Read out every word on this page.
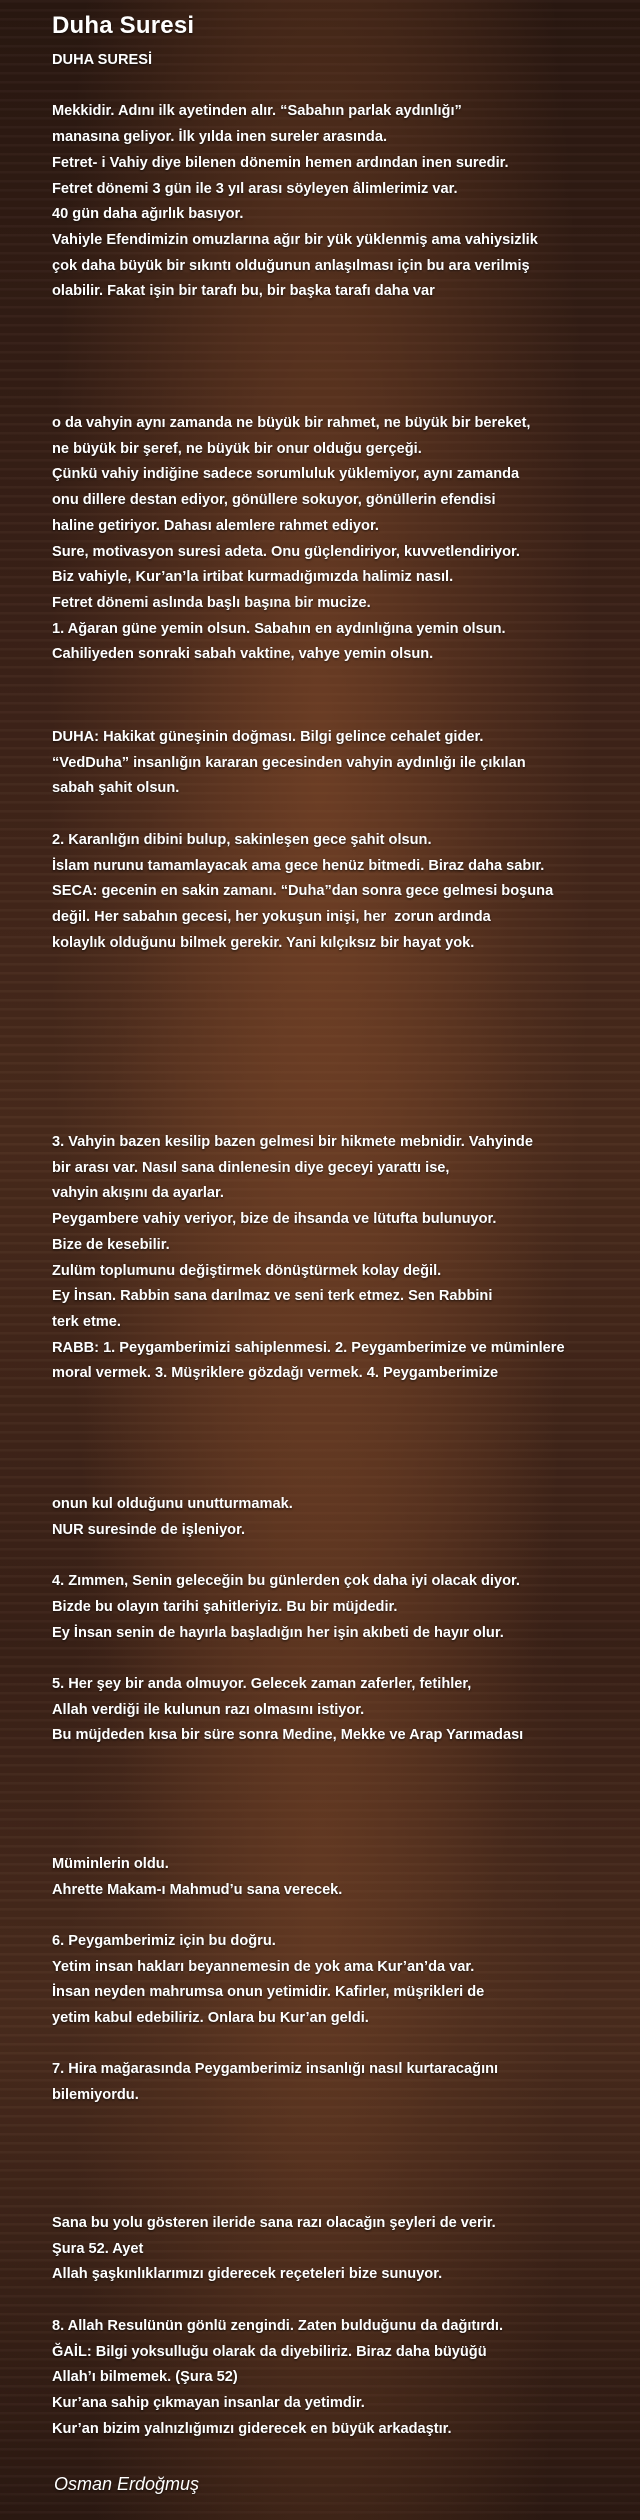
Duha Suresi
DUHA SURESİ

Mekkidir. Adını ilk ayetinden alır. “Sabahın parlak aydınlığı”
manasına geliyor. İlk yılda inen sureler arasında.
Fetret- i Vahiy diye bilenen dönemin hemen ardından inen suredir.
Fetret dönemi 3 gün ile 3 yıl arası söyleyen âlimlerimiz var.
40 gün daha ağırlık basıyor.
Vahiyle Efendimizin omuzlarına ağır bir yük yüklenmiş ama vahiysizlik
çok daha büyük bir sıkıntı olduğunun anlaşılması için bu ara verilmiş
olabilir. Fakat işin bir tarafı bu, bir başka tarafı daha var
o da vahyin aynı zamanda ne büyük bir rahmet, ne büyük bir bereket,
ne büyük bir şeref, ne büyük bir onur olduğu gerçeği.
Çünkü vahiy indiğine sadece sorumluluk yüklemiyor, aynı zamanda
onu dillere destan ediyor, gönüllere sokuyor, gönüllerin efendisi
haline getiriyor. Dahası alemlere rahmet ediyor.
Sure, motivasyon suresi adeta. Onu güçlendiriyor, kuvvetlendiriyor.
Biz vahiyle, Kur’an’la irtibat kurmadığımızda halimiz nasıl.
Fetret dönemi aslında başlı başına bir mucize.
1. Ağaran güne yemin olsun. Sabahın en aydınlığına yemin olsun.
Cahiliyeden sonraki sabah vaktine, vahye yemin olsun.
DUHA: Hakikat güneşinin doğması. Bilgi gelince cehalet gider.
“VedDuha” insanlığın kararan gecesinden vahyin aydınlığı ile çıkılan
sabah şahit olsun.

2. Karanlığın dibini bulup, sakinleşen gece şahit olsun.
İslam nurunu tamamlayacak ama gece henüz bitmedi. Biraz daha sabır.
SECA: gecenin en sakin zamanı. “Duha”dan sonra gece gelmesi boşuna
değil. Her sabahın gecesi, her yokuşun inişi, her  zorun ardında
kolaylık olduğunu bilmek gerekir. Yani kılçıksız bir hayat yok.
3. Vahyin bazen kesilip bazen gelmesi bir hikmete mebnidir. Vahyinde
bir arası var. Nasıl sana dinlenesin diye geceyi yarattı ise,
vahyin akışını da ayarlar.
Peygambere vahiy veriyor, bize de ihsanda ve lütufta bulunuyor.
Bize de kesebilir.
Zulüm toplumunu değiştirmek dönüştürmek kolay değil.
Ey İnsan. Rabbin sana darılmaz ve seni terk etmez. Sen Rabbini
terk etme.
RABB: 1. Peygamberimizi sahiplenmesi. 2. Peygamberimize ve müminlere
moral vermek. 3. Müşriklere gözdağı vermek. 4. Peygamberimize
onun kul olduğunu unutturmamak.
NUR suresinde de işleniyor.

4. Zımmen, Senin geleceğin bu günlerden çok daha iyi olacak diyor.
Bizde bu olayın tarihi şahitleriyiz. Bu bir müjdedir.
Ey İnsan senin de hayırla başladığın her işin akıbeti de hayır olur.

5. Her şey bir anda olmuyor. Gelecek zaman zaferler, fetihler,
Allah verdiği ile kulunun razı olmasını istiyor.
Bu müjdeden kısa bir süre sonra Medine, Mekke ve Arap Yarımadası

Müminlerin oldu.
Ahrette Makam-ı Mahmud’u sana verecek.

6. Peygamberimiz için bu doğru.
Yetim insan hakları beyannemesin de yok ama Kur’an’da var.
İnsan neyden mahrumsa onun yetimidir. Kafirler, müşrikleri de
yetim kabul edebiliriz. Onlara bu Kur’an geldi.

7. Hira mağarasında Peygamberimiz insanlığı nasıl kurtaracağını
bilemiyordu.
Sana bu yolu gösteren ileride sana razı olacağın şeyleri de verir.
Şura 52. Ayet
Allah şaşkınlıklarımızı giderecek reçeteleri bize sunuyor.

8. Allah Resulünün gönlü zengindi. Zaten bulduğunu da dağıtırdı.
ĞAİL: Bilgi yoksulluğu olarak da diyebiliriz. Biraz daha büyüğü
Allah’ı bilmemek. (Şura 52)
Kur’ana sahip çıkmayan insanlar da yetimdir.
Kur’an bizim yalnızlığımızı giderecek en büyük arkadaştır.
Osman Erdoğmuş
